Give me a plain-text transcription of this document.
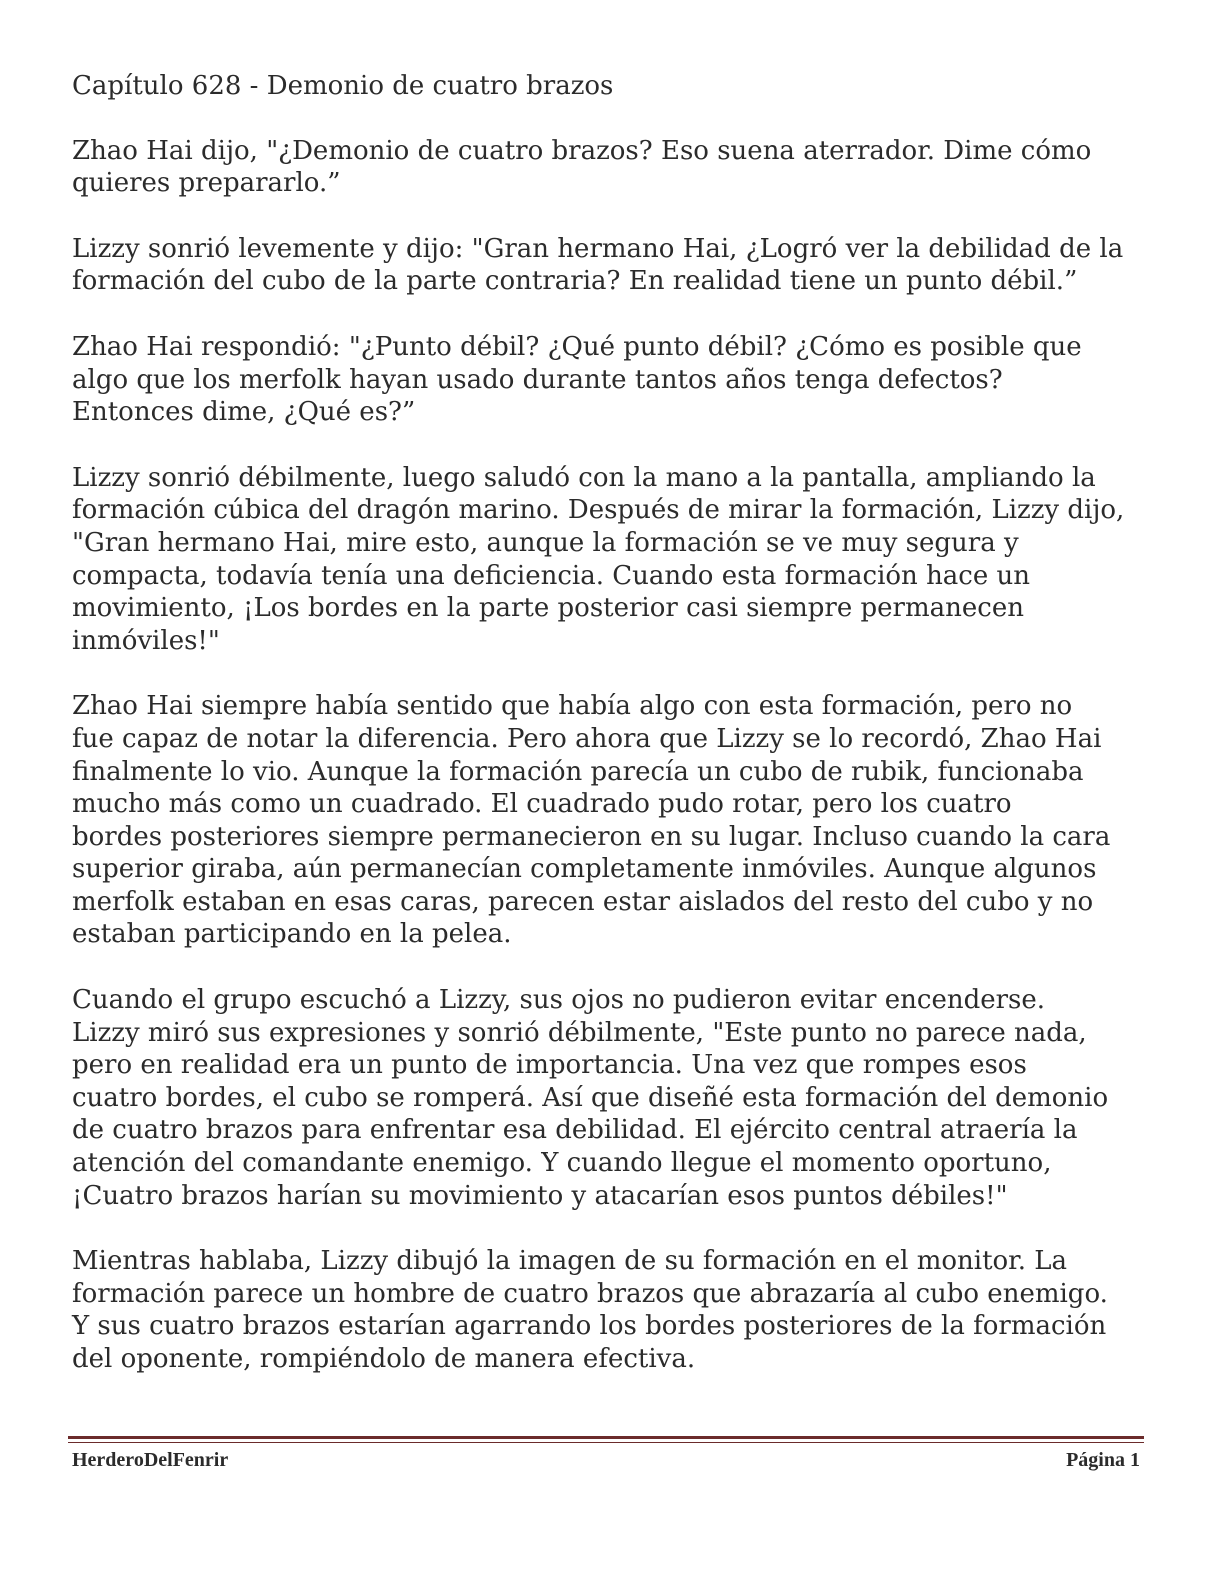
Capítulo 628 - Demonio de cuatro brazos

Zhao Hai dijo, "¿Demonio de cuatro brazos? Eso suena aterrador. Dime cómo
quieres prepararlo.”

Lizzy sonrió levemente y dijo: "Gran hermano Hai, ¿Logró ver la debilidad de la
formación del cubo de la parte contraria? En realidad tiene un punto débil.”

Zhao Hai respondió: "¿Punto débil? ¿Qué punto débil? ¿Cómo es posible que
algo que los merfolk hayan usado durante tantos años tenga defectos?
Entonces dime, ¿Qué es?”

Lizzy sonrió débilmente, luego saludó con la mano a la pantalla, ampliando la
formación cúbica del dragón marino. Después de mirar la formación, Lizzy dijo,
"Gran hermano Hai, mire esto, aunque la formación se ve muy segura y
compacta, todavía tenía una deficiencia. Cuando esta formación hace un
movimiento, ¡Los bordes en la parte posterior casi siempre permanecen
inmóviles!"

Zhao Hai siempre había sentido que había algo con esta formación, pero no
fue capaz de notar la diferencia. Pero ahora que Lizzy se lo recordó, Zhao Hai
finalmente lo vio. Aunque la formación parecía un cubo de rubik, funcionaba
mucho más como un cuadrado. El cuadrado pudo rotar, pero los cuatro
bordes posteriores siempre permanecieron en su lugar. Incluso cuando la cara
superior giraba, aún permanecían completamente inmóviles. Aunque algunos
merfolk estaban en esas caras, parecen estar aislados del resto del cubo y no
estaban participando en la pelea.

Cuando el grupo escuchó a Lizzy, sus ojos no pudieron evitar encenderse.
Lizzy miró sus expresiones y sonrió débilmente, "Este punto no parece nada,
pero en realidad era un punto de importancia. Una vez que rompes esos
cuatro bordes, el cubo se romperá. Así que diseñé esta formación del demonio
de cuatro brazos para enfrentar esa debilidad. El ejército central atraería la
atención del comandante enemigo. Y cuando llegue el momento oportuno,
¡Cuatro brazos harían su movimiento y atacarían esos puntos débiles!"

Mientras hablaba, Lizzy dibujó la imagen de su formación en el monitor. La
formación parece un hombre de cuatro brazos que abrazaría al cubo enemigo.
Y sus cuatro brazos estarían agarrando los bordes posteriores de la formación
del oponente, rompiéndolo de manera efectiva.

HerderoDelFenrir	Página 1
